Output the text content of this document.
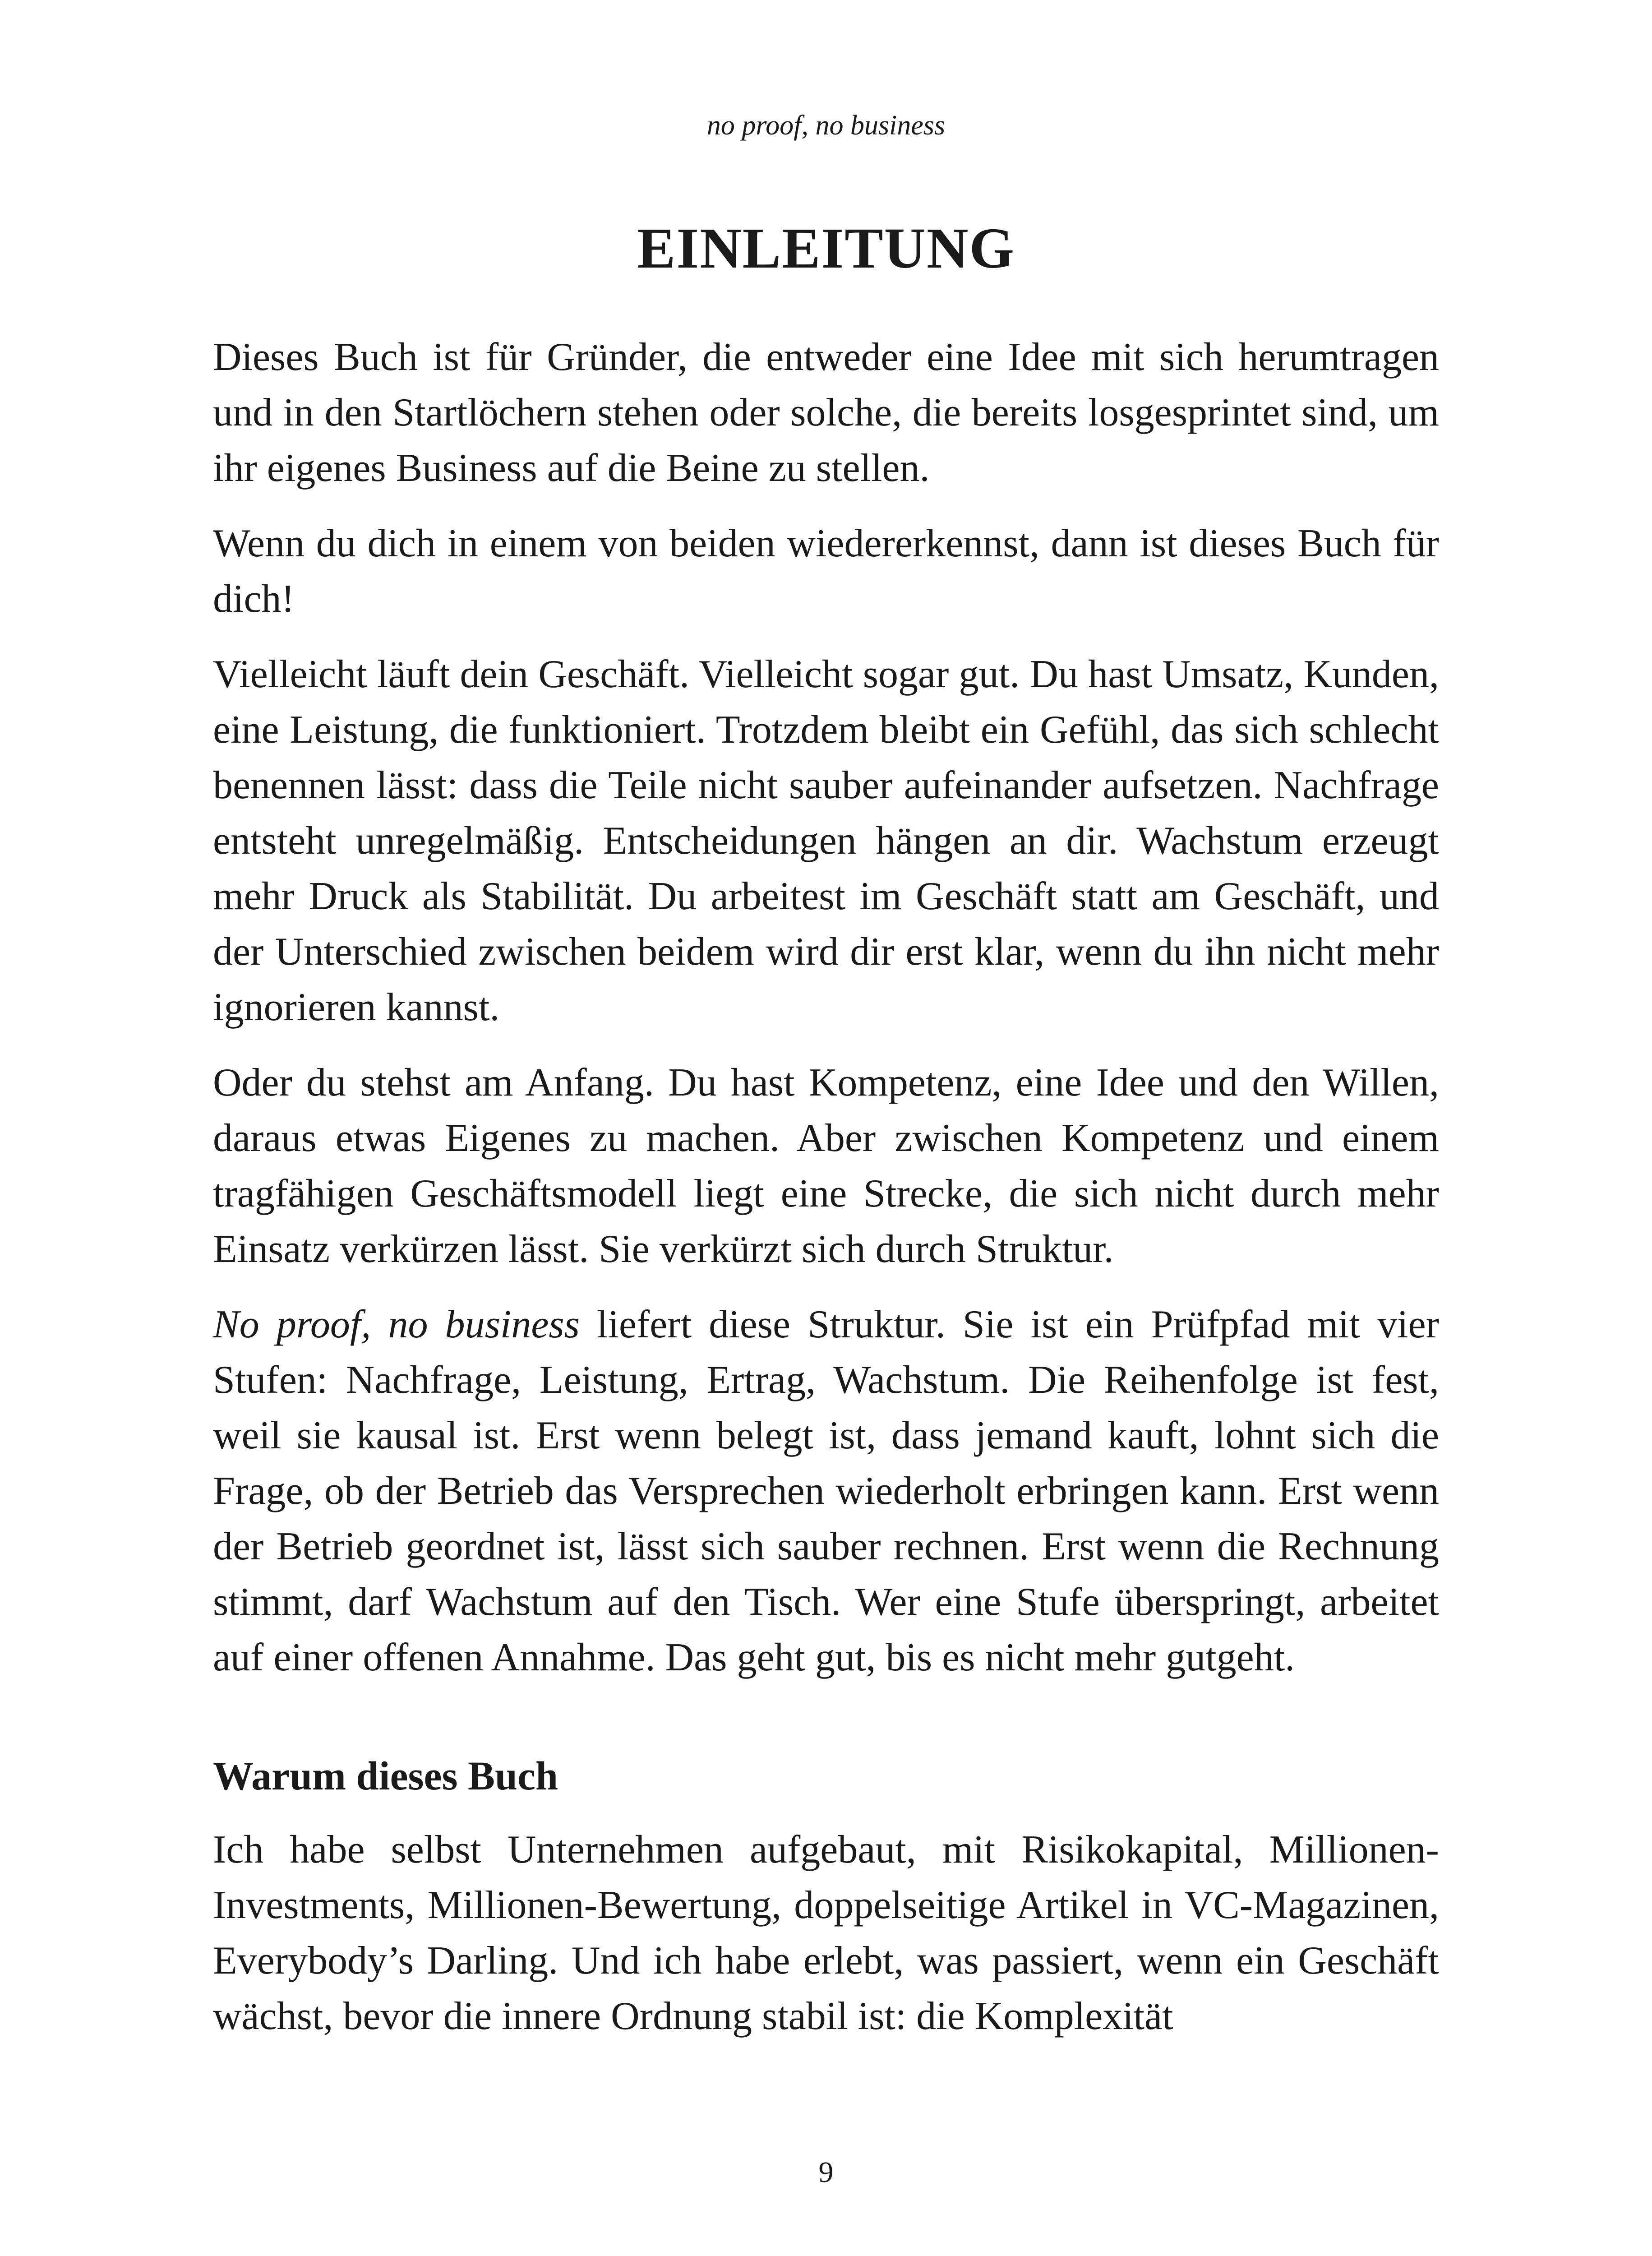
no proof, no business
EINLEITUNG

Dieses Buch ist für Gründer, die entweder eine Idee mit sich herumtragen und in den Startlöchern stehen oder solche, die bereits losgesprintet sind, um ihr eigenes Business auf die Beine zu stellen.

Wenn du dich in einem von beiden wiedererkennst, dann ist dieses Buch für dich!

Vielleicht läuft dein Geschäft. Vielleicht sogar gut. Du hast Umsatz, Kunden, eine Leistung, die funktioniert. Trotzdem bleibt ein Gefühl, das sich schlecht benennen lässt: dass die Teile nicht sauber aufeinander aufsetzen. Nachfrage entsteht unregelmäßig. Entscheidungen hängen an dir. Wachstum erzeugt mehr Druck als Stabilität. Du arbeitest im Geschäft statt am Geschäft, und der Unterschied zwischen beidem wird dir erst klar, wenn du ihn nicht mehr ignorieren kannst.

Oder du stehst am Anfang. Du hast Kompetenz, eine Idee und den Willen, daraus etwas Eigenes zu machen. Aber zwischen Kompetenz und einem tragfähigen Geschäftsmodell liegt eine Strecke, die sich nicht durch mehr Einsatz verkürzen lässt. Sie verkürzt sich durch Struktur.

No proof, no business liefert diese Struktur. Sie ist ein Prüfpfad mit vier Stufen: Nachfrage, Leistung, Ertrag, Wachstum. Die Reihenfolge ist fest, weil sie kausal ist. Erst wenn belegt ist, dass jemand kauft, lohnt sich die Frage, ob der Betrieb das Versprechen wiederholt erbringen kann. Erst wenn der Betrieb geordnet ist, lässt sich sauber rechnen. Erst wenn die Rechnung stimmt, darf Wachstum auf den Tisch. Wer eine Stufe überspringt, arbeitet auf einer offenen Annahme. Das geht gut, bis es nicht mehr gutgeht.

Warum dieses Buch

Ich habe selbst Unternehmen aufgebaut, mit Risikokapital, Millionen-Investments, Millionen-Bewertung, doppelseitige Artikel in VC-Magazinen, Everybody’s Darling. Und ich habe erlebt, was passiert, wenn ein Geschäft wächst, bevor die innere Ordnung stabil ist: die Komplexität

9
